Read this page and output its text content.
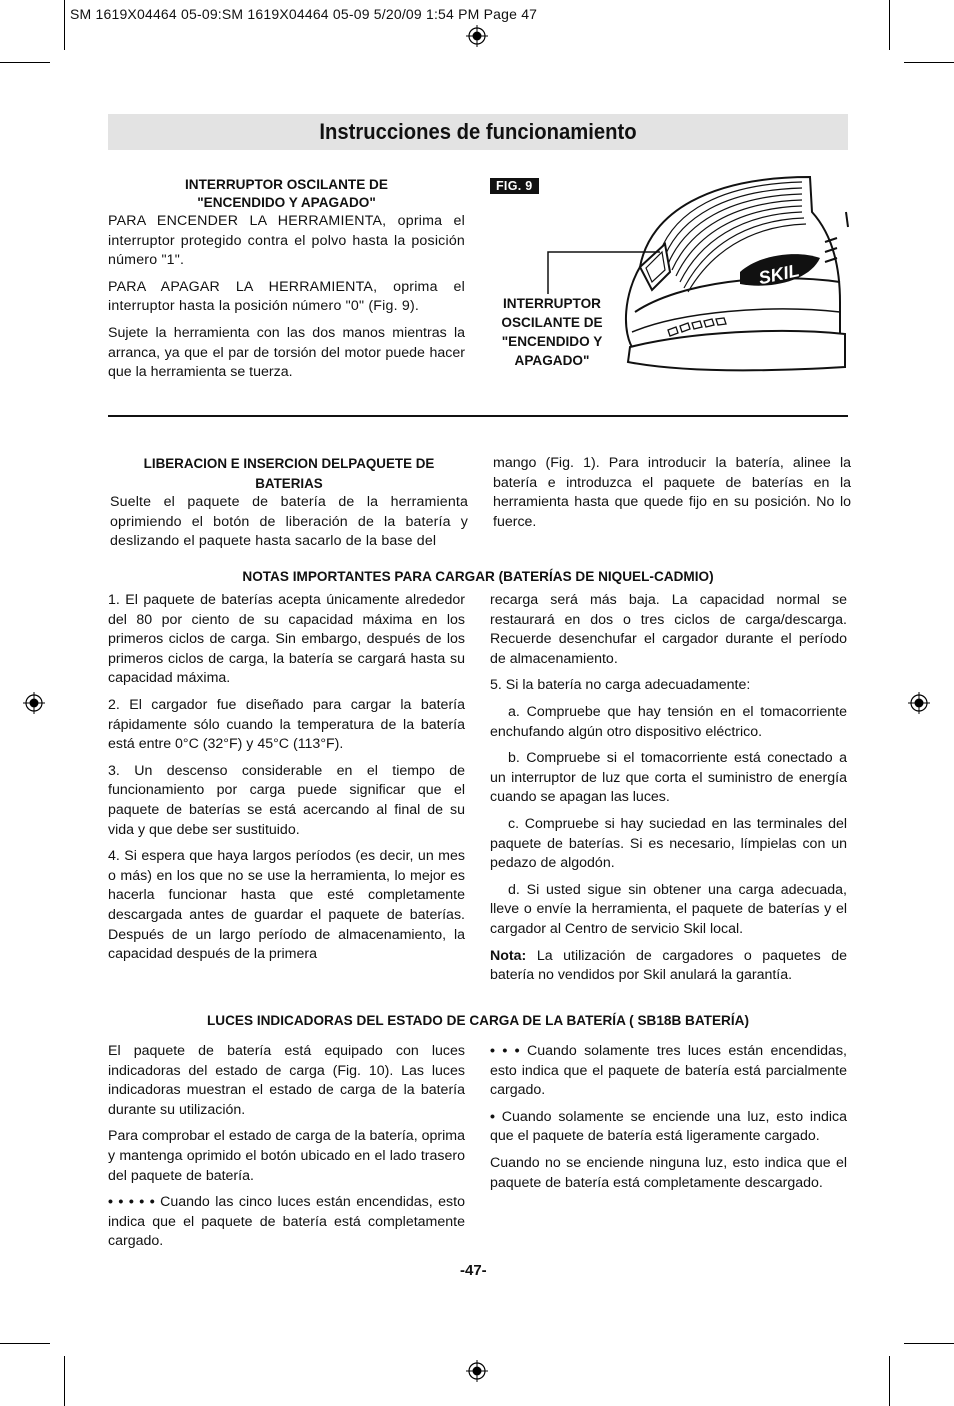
SM 1619X04464 05-09:SM 1619X04464 05-09 5/20/09 1:54 PM Page 47
Instrucciones de funcionamiento
INTERRUPTOR OSCILANTE DE
"ENCENDIDO Y APAGADO"

PARA ENCENDER LA HERRAMIENTA, oprima el interruptor protegido contra el polvo hasta la posición número "1".

PARA APAGAR LA HERRAMIENTA, oprima el interruptor hasta la posición número "0" (Fig. 9).

Sujete la herramienta con las dos manos mientras la arranca, ya que el par de torsión del motor puede hacer que la herramienta se tuerza.

FIG. 9
SKIL
INTERRUPTOR
OSCILANTE DE
"ENCENDIDO Y
APAGADO"
LIBERACION E INSERCION DELPAQUETE DE BATERIAS
Suelte el paquete de batería de la herramienta oprimiendo el botón de liberación de la batería y deslizando el paquete hasta sacarlo de la base del
mango (Fig. 1). Para introducir la batería, alinee la batería e introduzca el paquete de baterías en la herramienta hasta que quede fijo en su posición. No lo fuerce.
NOTAS IMPORTANTES PARA CARGAR (BATERÍAS DE NIQUEL-CADMIO)

1. El paquete de baterías acepta únicamente alrededor del 80 por ciento de su capacidad máxima en los primeros ciclos de carga. Sin embargo, después de los primeros ciclos de carga, la batería se cargará hasta su capacidad máxima.

2. El cargador fue diseñado para cargar la batería rápidamente sólo cuando la temperatura de la batería está entre 0°C (32°F) y 45°C (113°F).

3. Un descenso considerable en el tiempo de funcionamiento por carga puede significar que el paquete de baterías se está acercando al final de su vida y que debe ser sustituido.

4. Si espera que haya largos períodos (es decir, un mes o más) en los que no se use la herramienta, lo mejor es hacerla funcionar hasta que esté completamente descargada antes de guardar el paquete de baterías. Después de un largo período de almacenamiento, la capacidad después de la primera

recarga será más baja. La capacidad normal se restaurará en dos o tres ciclos de carga/descarga. Recuerde desenchufar el cargador durante el período de almacenamiento.

5. Si la batería no carga adecuadamente:

a. Compruebe que hay tensión en el tomacorriente enchufando algún otro dispositivo eléctrico.

b. Compruebe si el tomacorriente está conectado a un interruptor de luz que corta el suministro de energía cuando se apagan las luces.

c. Compruebe si hay suciedad en las terminales del paquete de baterías. Si es necesario, límpielas con un pedazo de algodón.

d. Si usted sigue sin obtener una carga adecuada, lleve o envíe la herramienta, el paquete de baterías y el cargador al Centro de servicio Skil local.

Nota: La utilización de cargadores o paquetes de batería no vendidos por Skil anulará la garantía.

LUCES INDICADORAS DEL ESTADO DE CARGA DE LA BATERÍA ( SB18B BATERÍA)

El paquete de batería está equipado con luces indicadoras del estado de carga (Fig. 10). Las luces indicadoras muestran el estado de carga de la batería durante su utilización.

Para comprobar el estado de carga de la batería, oprima y mantenga oprimido el botón ubicado en el lado trasero del paquete de batería.

• • • • • Cuando las cinco luces están encendidas, esto indica que el paquete de batería está completamente cargado.

• • • Cuando solamente tres luces están encendidas, esto indica que el paquete de batería está parcialmente cargado.

• Cuando solamente se enciende una luz, esto indica que el paquete de batería está ligeramente cargado.

Cuando no se enciende ninguna luz, esto indica que el paquete de batería está completamente descargado.

-47-
